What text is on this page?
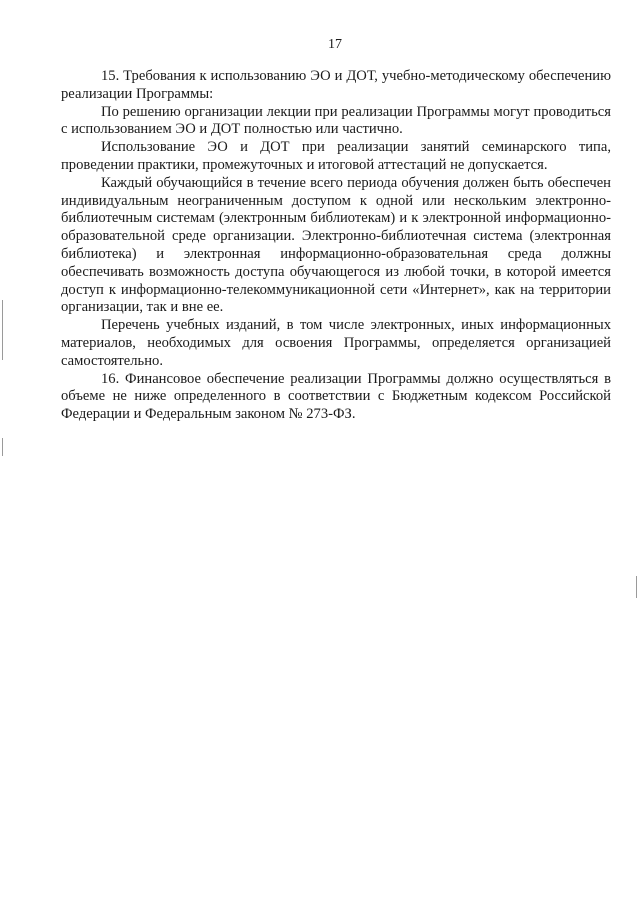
17

15. Требования к использованию ЭО и ДОТ, учебно-методическому обеспечению реализации Программы:

По решению организации лекции при реализации Программы могут проводиться с использованием ЭО и ДОТ полностью или частично.

Использование ЭО и ДОТ при реализации занятий семинарского типа, проведении практики, промежуточных и итоговой аттестаций не допускается.

Каждый обучающийся в течение всего периода обучения должен быть обеспечен индивидуальным неограниченным доступом к одной или нескольким электронно-библиотечным системам (электронным библиотекам) и к электронной информационно-образовательной среде организации. Электронно-библиотечная система (электронная библиотека) и электронная информационно-образовательная среда должны обеспечивать возможность доступа обучающегося из любой точки, в которой имеется доступ к информационно-телекоммуникационной сети «Интернет», как на территории организации, так и вне ее.

Перечень учебных изданий, в том числе электронных, иных информационных материалов, необходимых для освоения Программы, определяется организацией самостоятельно.

16. Финансовое обеспечение реализации Программы должно осуществляться в объеме не ниже определенного в соответствии с Бюджетным кодексом Российской Федерации и Федеральным законом № 273-ФЗ.
